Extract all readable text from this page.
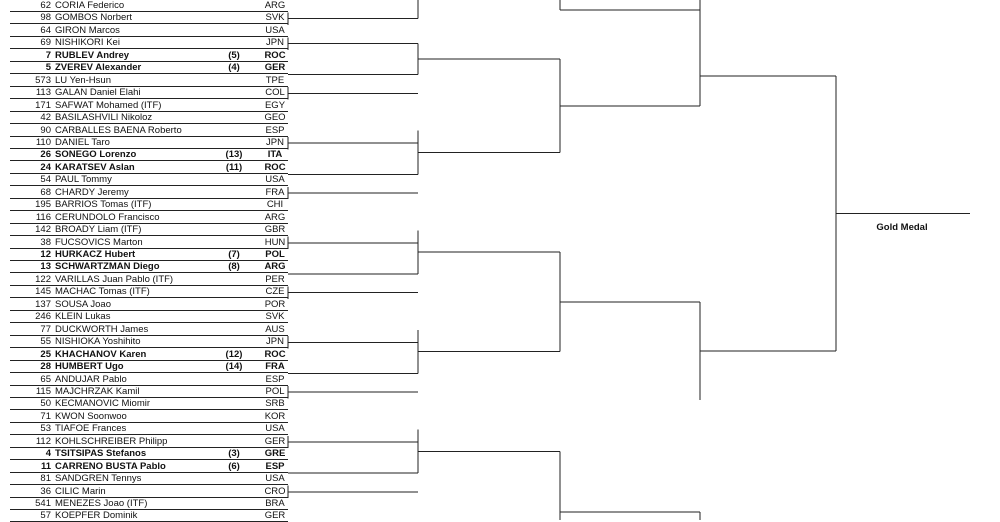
62 CORIA Federico	ARG
98 GOMBOS Norbert	SVK
64 GIRON Marcos	USA
69 NISHIKORI Kei	JPN
7 RUBLEV Andrey	(5)	ROC
5 ZVEREV Alexander	(4)	GER
573 LU Yen-Hsun	TPE
113 GALAN Daniel Elahi	COL
171 SAFWAT Mohamed (ITF)	EGY
42 BASILASHVILI Nikoloz	GEO
90 CARBALLES BAENA Roberto	ESP
110 DANIEL Taro	JPN
26 SONEGO Lorenzo	(13)	ITA
24 KARATSEV Aslan	(11)	ROC
54 PAUL Tommy	USA
68 CHARDY Jeremy	FRA
195 BARRIOS Tomas (ITF)	CHI
116 CERUNDOLO Francisco	ARG
142 BROADY Liam (ITF)	GBR
38 FUCSOVICS Marton	HUN
12 HURKACZ Hubert	(7)	POL
13 SCHWARTZMAN Diego	(8)	ARG
122 VARILLAS Juan Pablo (ITF)	PER
145 MACHAC Tomas (ITF)	CZE
137 SOUSA Joao	POR
246 KLEIN Lukas	SVK
77 DUCKWORTH James	AUS
55 NISHIOKA Yoshihito	JPN
25 KHACHANOV Karen	(12)	ROC
28 HUMBERT Ugo	(14)	FRA
65 ANDUJAR Pablo	ESP
115 MAJCHRZAK Kamil	POL
50 KECMANOVIC Miomir	SRB
71 KWON Soonwoo	KOR
53 TIAFOE Frances	USA
112 KOHLSCHREIBER Philipp	GER
4 TSITSIPAS Stefanos	(3)	GRE
11 CARRENO BUSTA Pablo	(6)	ESP
81 SANDGREN Tennys	USA
36 CILIC Marin	CRO
541 MENEZES Joao (ITF)	BRA
57 KOEPFER Dominik	GER
Gold Medal
